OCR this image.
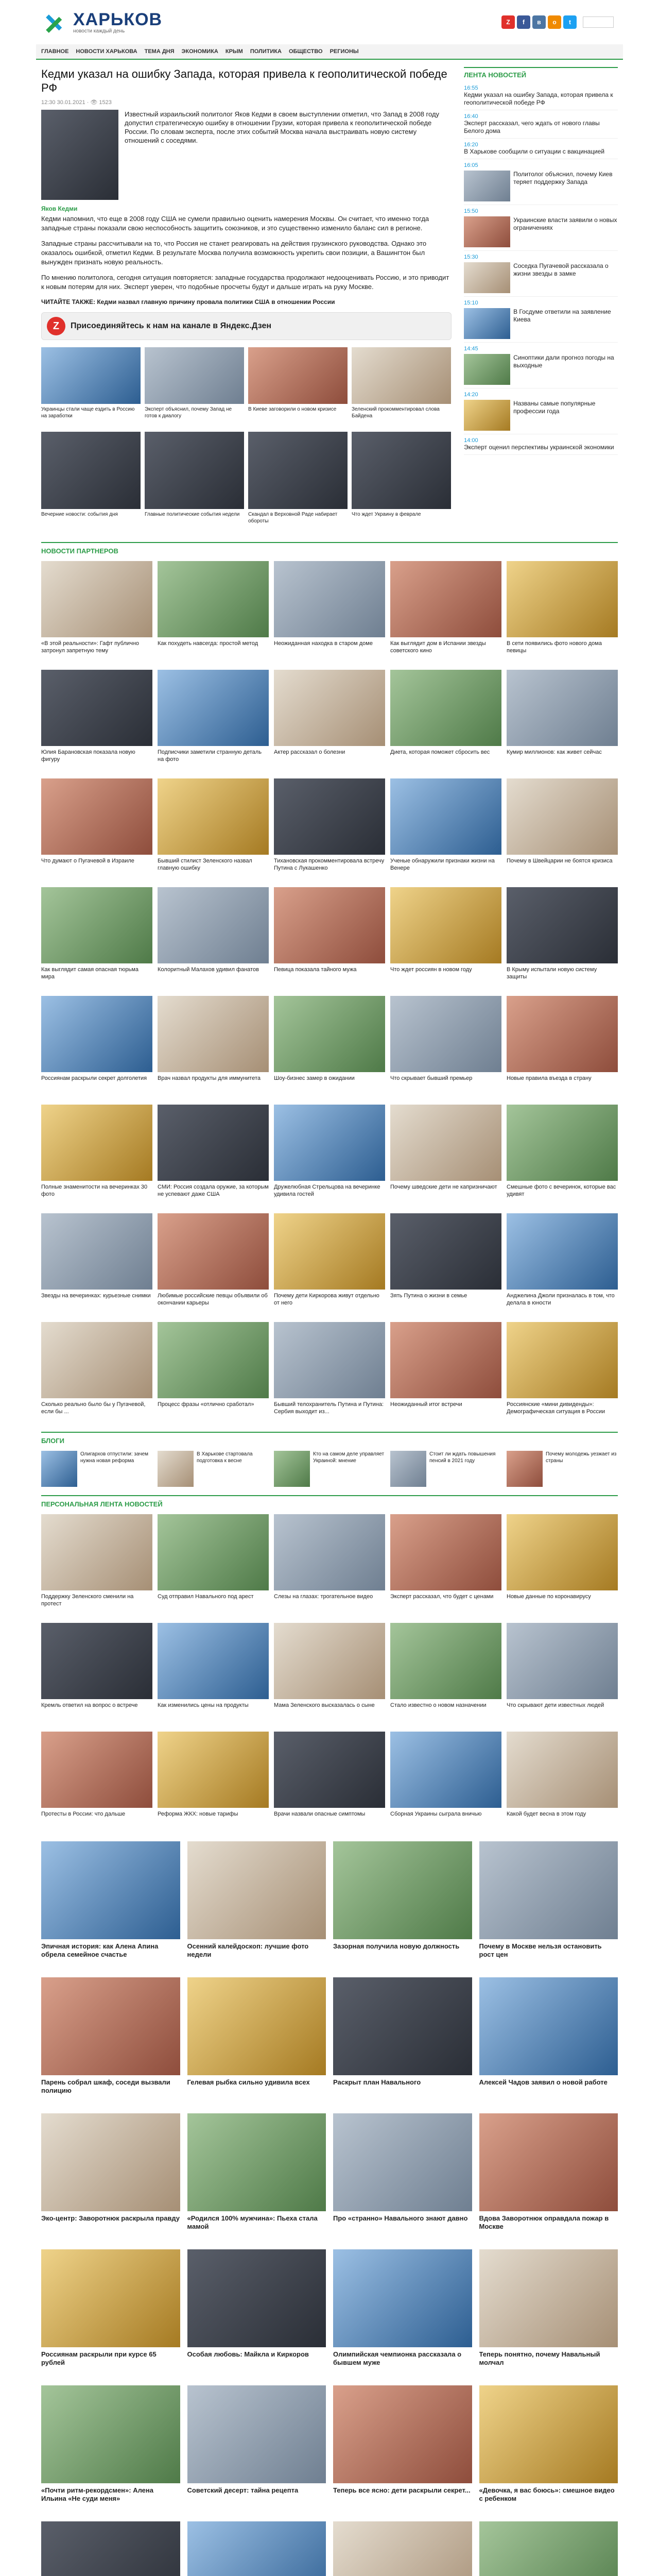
ХАРЬКОВ
новости каждый день
Z	f	в	о	t
ГЛАВНОЕ НОВОСТИ ХАРЬКОВА ТЕМА ДНЯ ЭКОНОМИКА КРЫМ ПОЛИТИКА ОБЩЕСТВО РЕГИОНЫ
Кедми указал на ошибку Запада, которая привела к геополитической победе РФ
12:30 30.01.2021 · 👁 1523

Известный израильский политолог Яков Кедми в своем выступлении отметил, что Запад в 2008 году допустил стратегическую ошибку в отношении Грузии, которая привела к геополитической победе России. По словам эксперта, после этих событий Москва начала выстраивать новую систему отношений с соседями.

Яков Кедми

Кедми напомнил, что еще в 2008 году США не сумели правильно оценить намерения Москвы. Он считает, что именно тогда западные страны показали свою неспособность защитить союзников, и это существенно изменило баланс сил в регионе.

Западные страны рассчитывали на то, что Россия не станет реагировать на действия грузинского руководства. Однако это оказалось ошибкой, отметил Кедми. В результате Москва получила возможность укрепить свои позиции, а Вашингтон был вынужден признать новую реальность.

По мнению политолога, сегодня ситуация повторяется: западные государства продолжают недооценивать Россию, и это приводит к новым потерям для них. Эксперт уверен, что подобные просчеты будут и дальше играть на руку Москве.

ЧИТАЙТЕ ТАКЖЕ: Кедми назвал главную причину провала политики США в отношении России

Z	Присоединяйтесь к нам на канале в Яндекс.Дзен
Украинцы стали чаще ездить в Россию на заработки
Эксперт объяснил, почему Запад не готов к диалогу
В Киеве заговорили о новом кризисе	Зеленский прокомментировал слова Байдена
Вечерние новости: события дня	Главные политические события недели	Скандал в Верховной Раде набирает обороты
Что ждет Украину в феврале
ЛЕНТА НОВОСТЕЙ
16:55
Кедми указал на ошибку Запада, которая привела к геополитической победе РФ
16:40
Эксперт рассказал, чего ждать от нового главы Белого дома
16:20
В Харькове сообщили о ситуации с вакцинацией
16:05
Политолог объяснил, почему Киев теряет поддержку Запада
15:50
Украинские власти заявили о новых ограничениях
15:30
Соседка Пугачевой рассказала о жизни звезды в замке
15:10
В Госдуме ответили на заявление Киева
14:45
Синоптики дали прогноз погоды на выходные
14:20
Названы самые популярные профессии года
14:00
Эксперт оценил перспективы украинской экономики
НОВОСТИ ПАРТНЕРОВ
«В этой реальности»: Гафт публично затронул запретную тему
Как похудеть навсегда: простой метод	Неожиданная находка в старом доме	Как выглядит дом в Испании звезды советского кино
В сети появились фото нового дома певицы
Юлия Барановская показала новую фигуру
Подписчики заметили странную деталь на фото
Актер рассказал о болезни	Диета, которая поможет сбросить вес	Кумир миллионов: как живет сейчас
Что думают о Пугачевой в Израиле	Бывший стилист Зеленского назвал главную ошибку
Тихановская прокомментировала встречу Путина с Лукашенко
Ученые обнаружили признаки жизни на Венере
Почему в Швейцарии не боятся кризиса
Как выглядит самая опасная тюрьма мира
Колоритный Малахов удивил фанатов	Певица показала тайного мужа	Что ждет россиян в новом году	В Крыму испытали новую систему защиты
Россиянам раскрыли секрет долголетия	Врач назвал продукты для иммунитета	Шоу-бизнес замер в ожидании	Что скрывает бывший премьер	Новые правила въезда в страну
Полные знаменитости на вечеринках 30 фото
СМИ: Россия создала оружие, за которым не успевают даже США
Дружелюбная Стрельцова на вечеринке удивила гостей
Почему шведские дети не капризничают	Смешные фото с вечеринок, которые вас удивят
Звезды на вечеринках: курьезные снимки	Любимые российские певцы объявили об окончании карьеры
Почему дети Киркорова живут отдельно от него
Зять Путина о жизни в семье	Анджелина Джоли призналась в том, что делала в юности
Сколько реально было бы у Пугачевой, если бы ...
Процесс фразы «отлично сработал»	Бывший телохранитель Путина и Путина: Сербия выходит из...
Неожиданный итог встречи	Россиянские «мини дивиденды»: Демографическая ситуация в России
БЛОГИ
Олигархов отпустили: зачем нужна новая реформа
В Харькове стартовала подготовка к весне
Кто на самом деле управляет Украиной: мнение
Стоит ли ждать повышения пенсий в 2021 году
Почему молодежь уезжает из страны
ПЕРСОНАЛЬНАЯ ЛЕНТА НОВОСТЕЙ
Поддержку Зеленского сменили на протест
Суд отправил Навального под арест	Слезы на глазах: трогательное видео	Эксперт рассказал, что будет с ценами	Новые данные по коронавирусу
Кремль ответил на вопрос о встрече	Как изменились цены на продукты	Мама Зеленского высказалась о сыне	Стало известно о новом назначении	Что скрывают дети известных людей
Протесты в России: что дальше	Реформа ЖКХ: новые тарифы	Врачи назвали опасные симптомы	Сборная Украины сыграла вничью	Какой будет весна в этом году
Эпичная история: как Алена Апина обрела семейное счастье
Осенний калейдоскоп: лучшие фото недели
Зазорная получила новую должность	Почему в Москве нельзя остановить рост цен
Парень собрал шкаф, соседи вызвали полицию
Гелевая рыбка сильно удивила всех	Раскрыт план Навального	Алексей Чадов заявил о новой работе
Эко-центр: Заворотнюк раскрыла правду «Родился 100% мужчина»: Пьеха стала мамой
Про «странно» Навального знают давно	Вдова Заворотнюк оправдала пожар в Москве
Россиянам раскрыли при курсе 65 рублей
Особая любовь: Майкла и Киркоров	Олимпийская чемпионка рассказала о бывшем муже
Теперь понятно, почему Навальный молчал
«Почти ритм-рекордсмен»: Алена Ильина «Не суди меня»
Советский десерт: тайна рецепта	Теперь все ясно: дети раскрыли секрет... «Девочка, я вас боюсь»: смешное видео с ребенком
